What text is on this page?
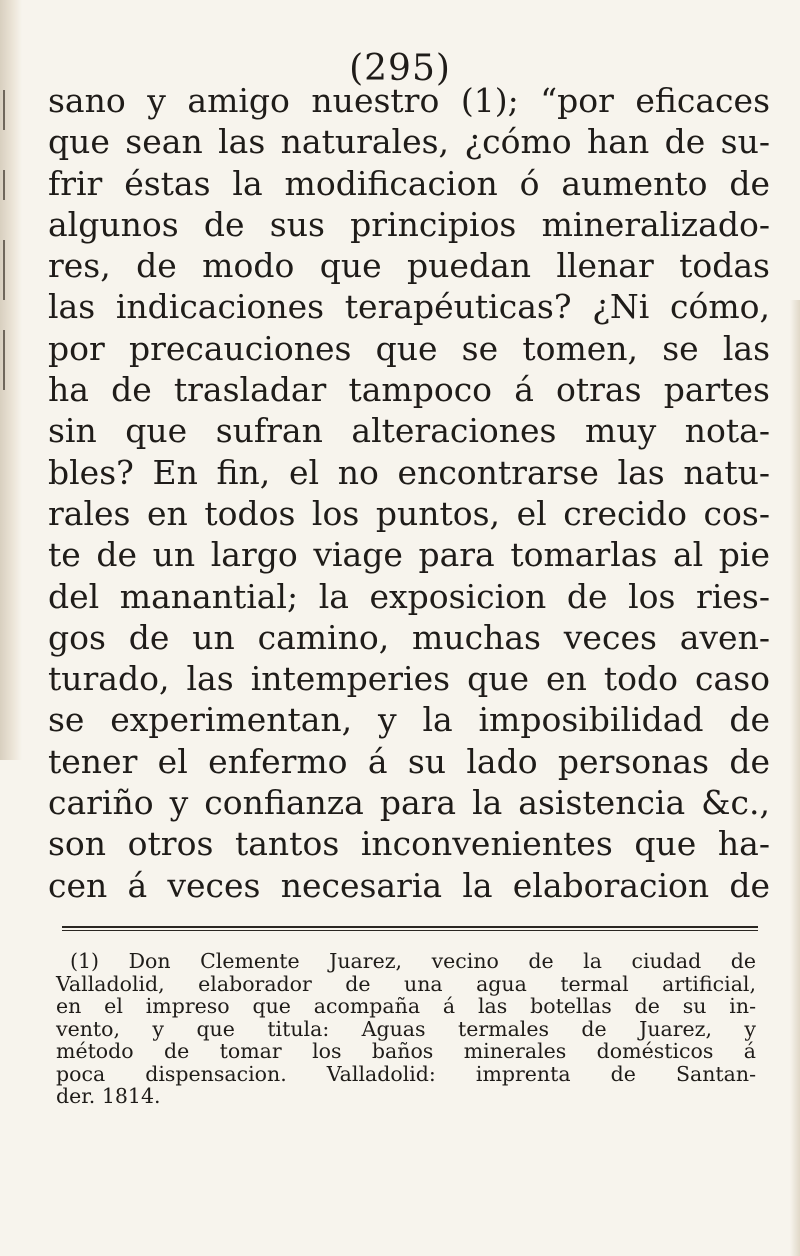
(295)
sano y amigo nuestro (1); “por eficaces
que sean las naturales, ¿cómo han de su-
frir éstas la modificacion ó aumento de
algunos de sus principios mineralizado-
res, de modo que puedan llenar todas
las indicaciones terapéuticas? ¿Ni cómo,
por precauciones que se tomen, se las
ha de trasladar tampoco á otras partes
sin que sufran alteraciones muy nota-
bles? En fin, el no encontrarse las natu-
rales en todos los puntos, el crecido cos-
te de un largo viage para tomarlas al pie
del manantial; la exposicion de los ries-
gos de un camino, muchas veces aven-
turado, las intemperies que en todo caso
se experimentan, y la imposibilidad de
tener el enfermo á su lado personas de
cariño y confianza para la asistencia &c.,
son otros tantos inconvenientes que ha-
cen á veces necesaria la elaboracion de
(1) Don Clemente Juarez, vecino de la ciudad de
Valladolid, elaborador de una agua termal artificial,
en el impreso que acompaña á las botellas de su in-
vento, y que titula: Aguas termales de Juarez, y
método de tomar los baños minerales domésticos á
poca dispensacion. Valladolid: imprenta de Santan-
der. 1814.
